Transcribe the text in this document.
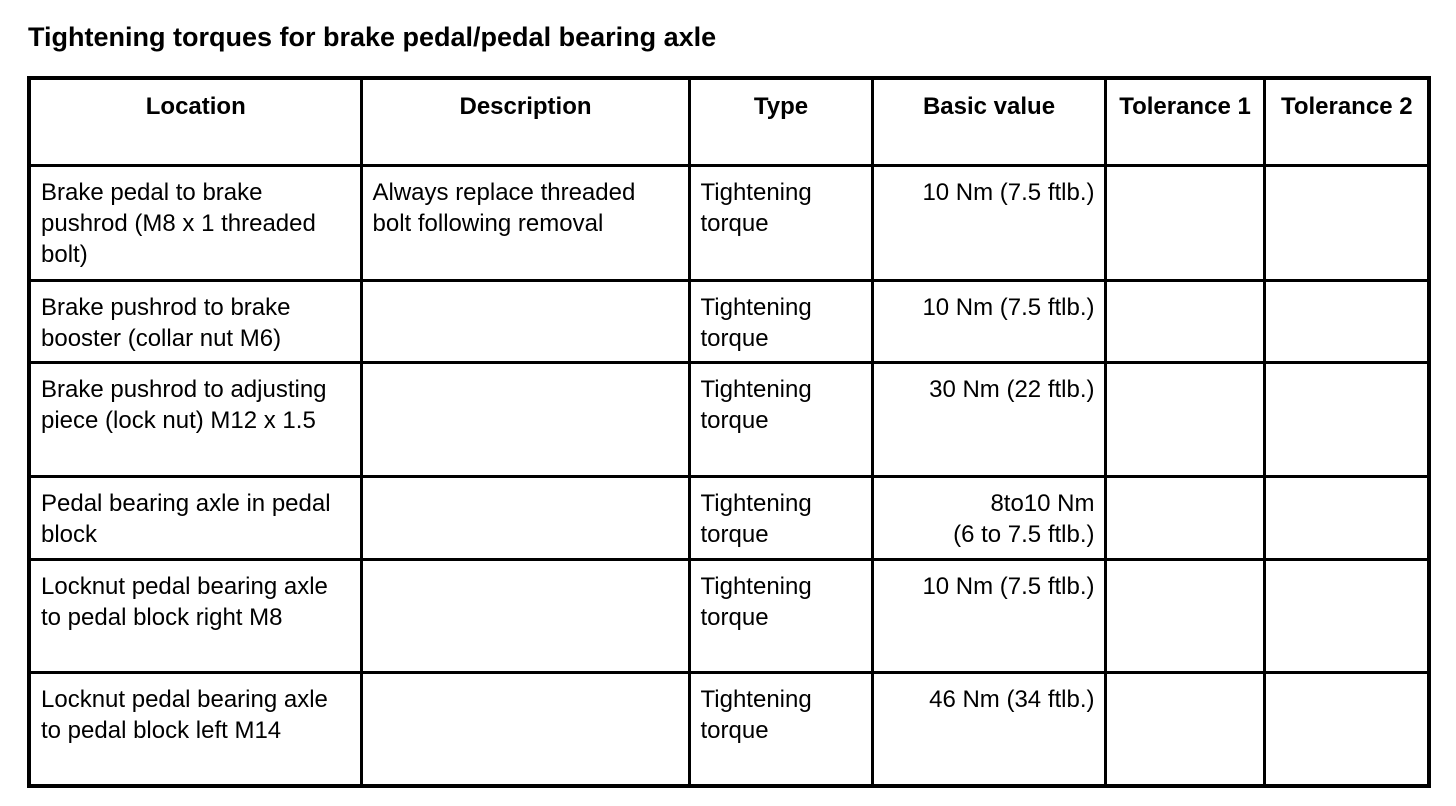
Tightening torques for brake pedal/pedal bearing axle
Location	Description	Type	Basic value	Tolerance 1	Tolerance 2
Brake pedal to brake pushrod (M8 x 1 threaded bolt)	Always replace threaded bolt following removal	Tightening torque	10 Nm (7.5 ftlb.)		

Brake pushrod to brake booster (collar nut M6)		Tightening torque	10 Nm (7.5 ftlb.)		

Brake pushrod to adjusting piece (lock nut) M12 x 1.5		Tightening torque	30 Nm (22 ftlb.)		

Pedal bearing axle in pedal block		Tightening torque	8to10 Nm
(6 to 7.5 ftlb.)		

Locknut pedal bearing axle to pedal block right M8		Tightening torque	10 Nm (7.5 ftlb.)		

Locknut pedal bearing axle to pedal block left M14		Tightening torque	46 Nm (34 ftlb.)		
